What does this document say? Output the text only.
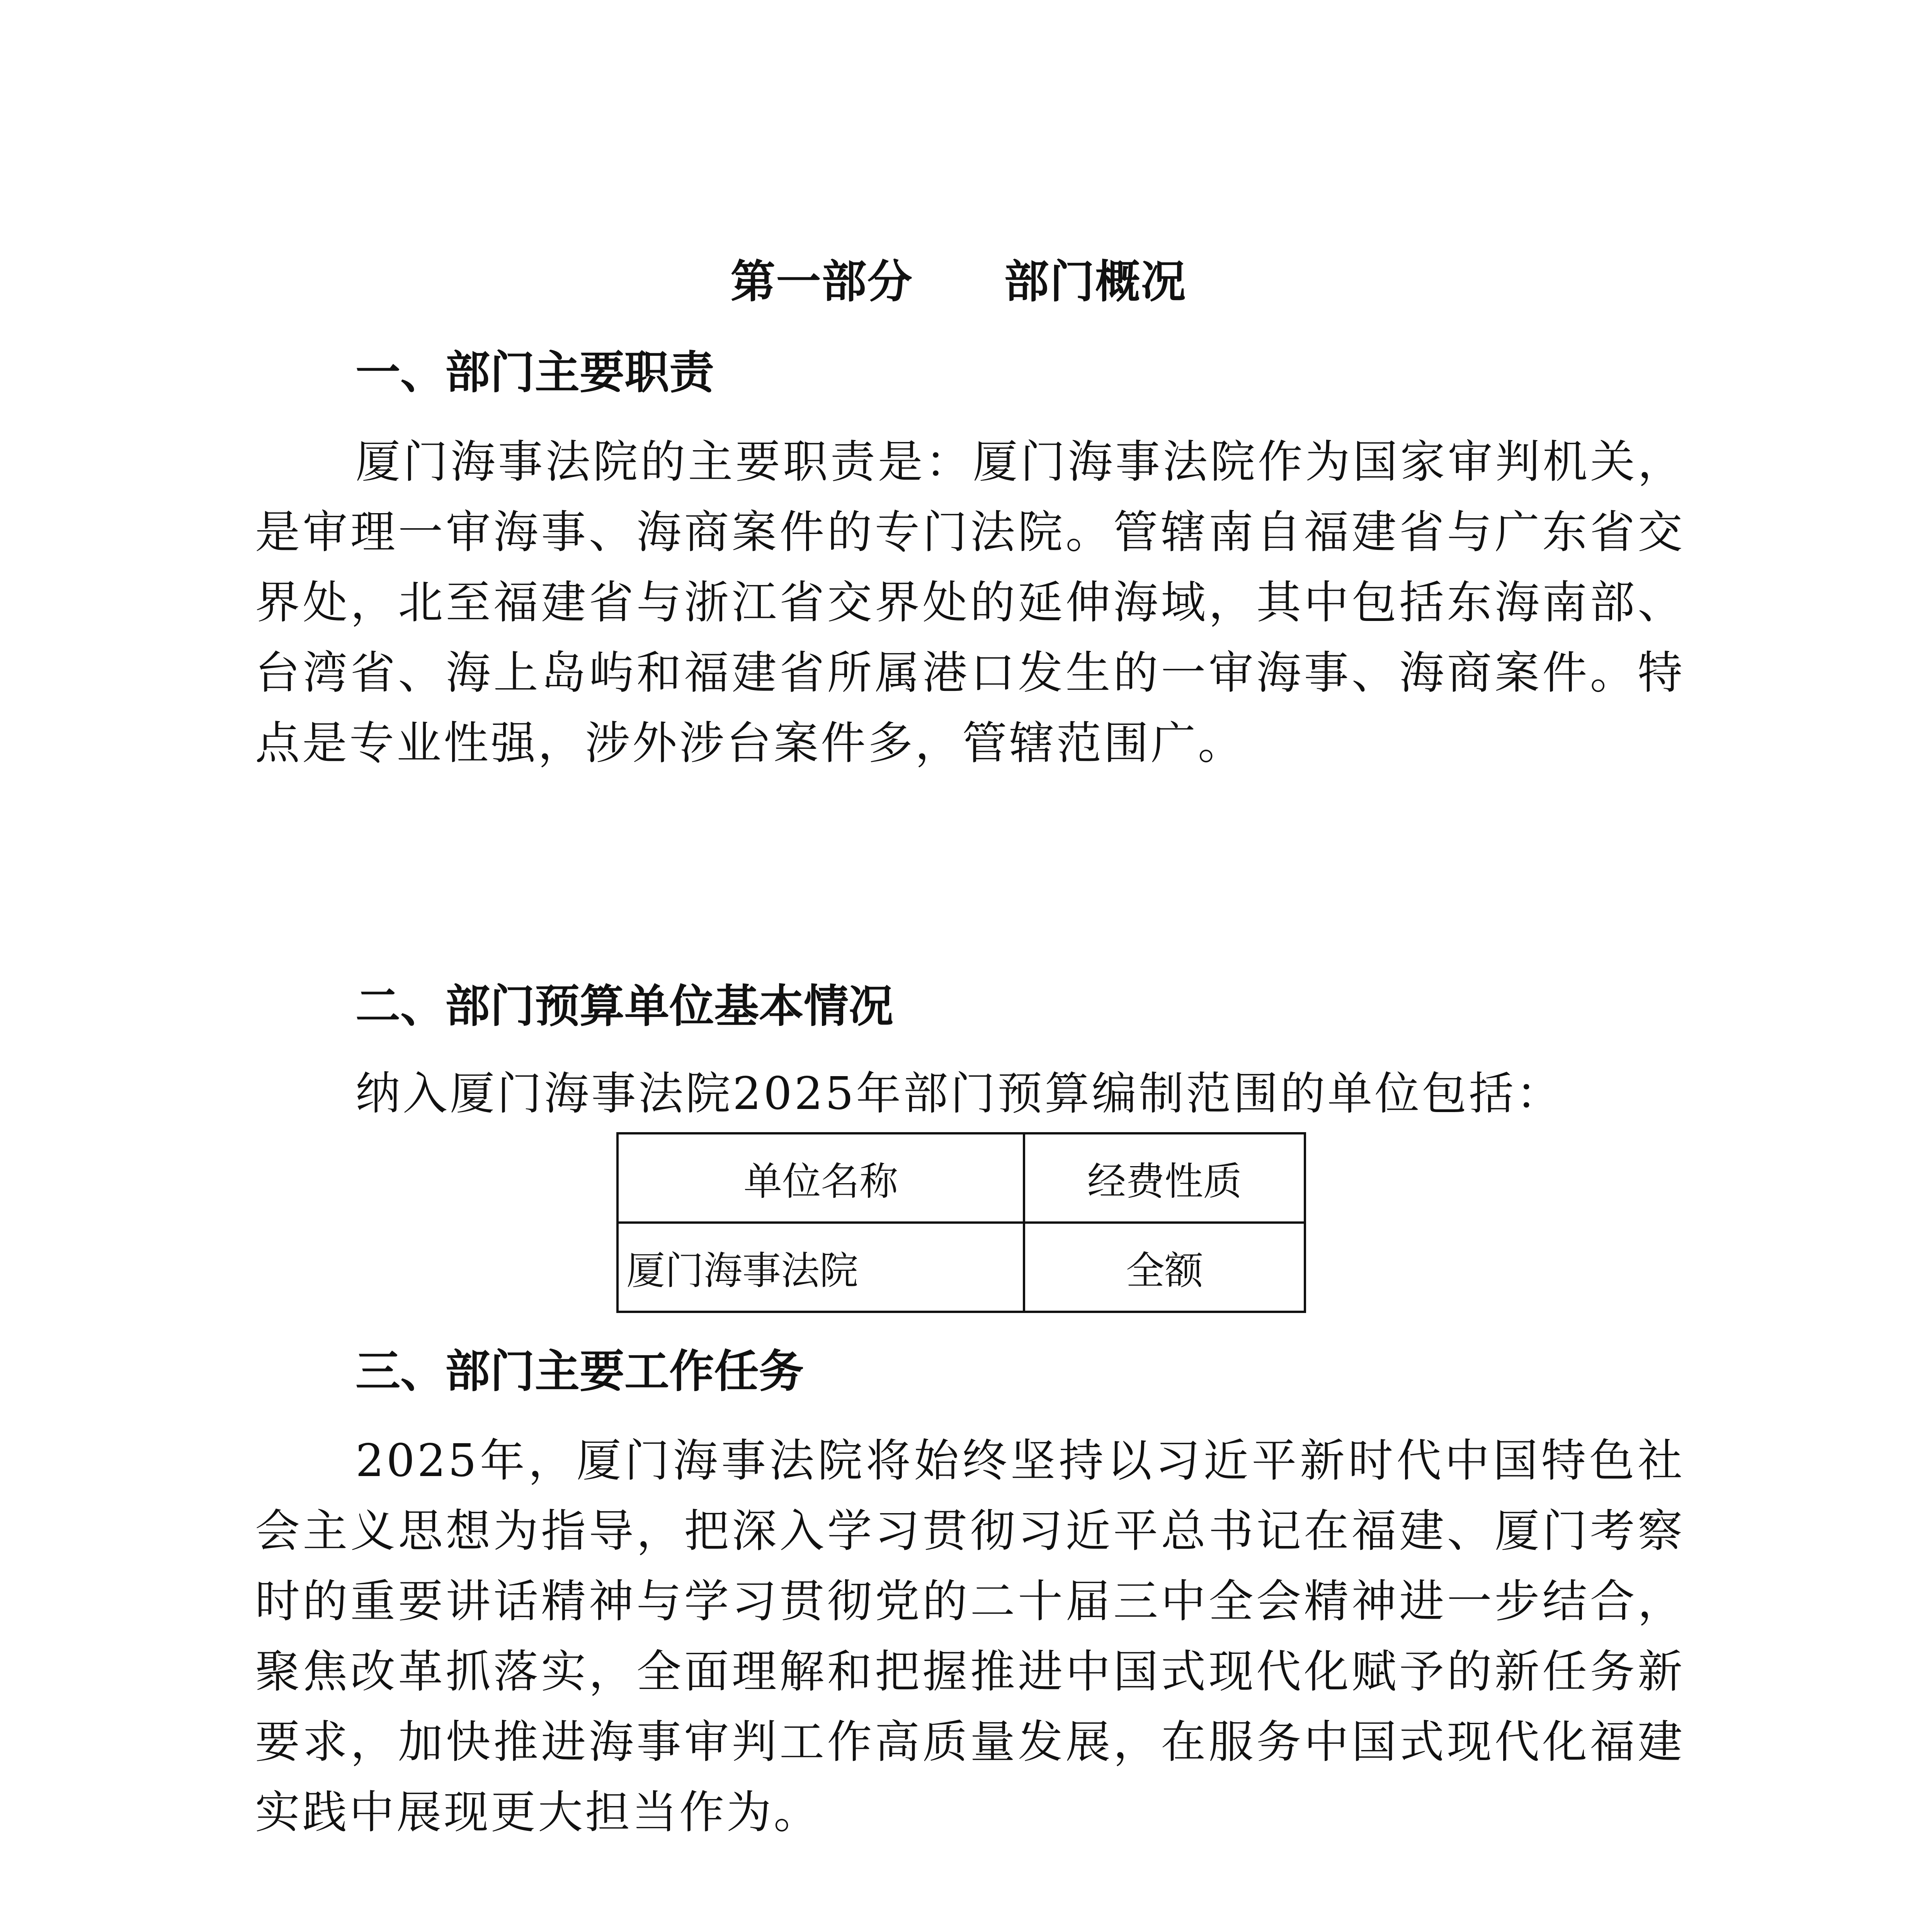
第一部分　　部门概况
一、部门主要职责

厦门海事法院的主要职责是：厦门海事法院作为国家审判机关，是审理一审海事、海商案件的专门法院。管辖南自福建省与广东省交界处，北至福建省与浙江省交界处的延伸海域，其中包括东海南部、台湾省、海上岛屿和福建省所属港口发生的一审海事、海商案件。特点是专业性强，涉外涉台案件多，管辖范围广。

二、部门预算单位基本情况

纳入厦门海事法院2025年部门预算编制范围的单位包括：

单位名称	经费性质
厦门海事法院	全额
三、部门主要工作任务

2025年，厦门海事法院将始终坚持以习近平新时代中国特色社会主义思想为指导，把深入学习贯彻习近平总书记在福建、厦门考察时的重要讲话精神与学习贯彻党的二十届三中全会精神进一步结合，聚焦改革抓落实，全面理解和把握推进中国式现代化赋予的新任务新要求，加快推进海事审判工作高质量发展，在服务中国式现代化福建实践中展现更大担当作为。
